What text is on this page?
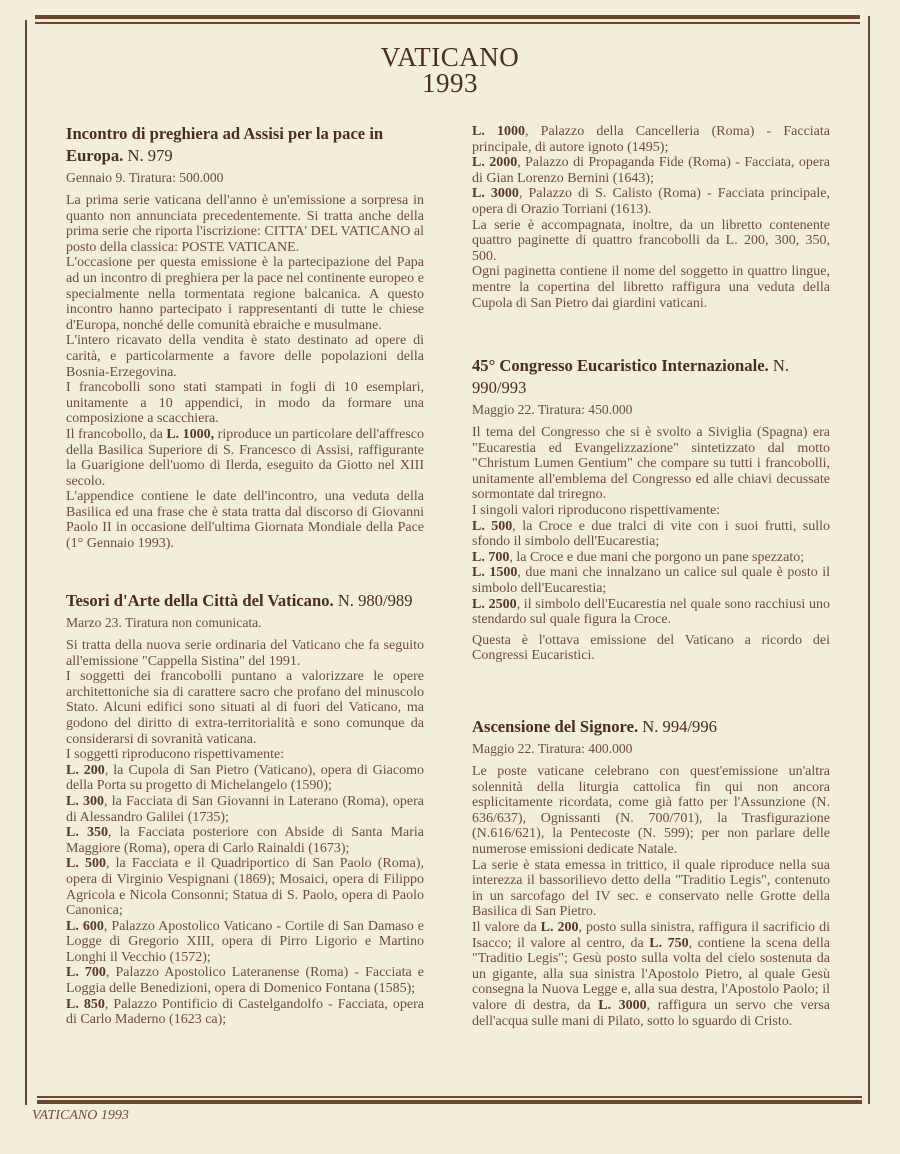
VATICANO
1993
Incontro di preghiera ad Assisi per la pace in Europa. N. 979
Gennaio 9. Tiratura: 500.000

La prima serie vaticana dell'anno è un'emissione a sorpresa in quanto non annunciata precedentemente. Si tratta anche della prima serie che riporta l'iscrizione: CITTA' DEL VATICANO al posto della classica: POSTE VATICANE.

L'occasione per questa emissione è la partecipazione del Papa ad un incontro di preghiera per la pace nel continente europeo e specialmente nella tormentata regione balcanica. A questo incontro hanno partecipato i rappresentanti di tutte le chiese d'Europa, nonché delle comunità ebraiche e musulmane.

L'intero ricavato della vendita è stato destinato ad opere di carità, e particolarmente a favore delle popolazioni della Bosnia-Erzegovina.

I francobolli sono stati stampati in fogli di 10 esemplari, unitamente a 10 appendici, in modo da formare una composizione a scacchiera.

Il francobollo, da L. 1000, riproduce un particolare dell'affresco della Basilica Superiore di S. Francesco di Assisi, raffigurante la Guarigione dell'uomo di Ilerda, eseguito da Giotto nel XIII secolo.

L'appendice contiene le date dell'incontro, una veduta della Basilica ed una frase che è stata tratta dal discorso di Giovanni Paolo II in occasione dell'ultima Giornata Mondiale della Pace (1° Gennaio 1993).

Tesori d'Arte della Città del Vaticano. N. 980/989
Marzo 23. Tiratura non comunicata.

Si tratta della nuova serie ordinaria del Vaticano che fa seguito all'emissione "Cappella Sistina" del 1991.

I soggetti dei francobolli puntano a valorizzare le opere architettoniche sia di carattere sacro che profano del minuscolo Stato. Alcuni edifici sono situati al di fuori del Vaticano, ma godono del diritto di extra-territorialità e sono comunque da considerarsi di sovranità vaticana.

I soggetti riproducono rispettivamente:

L. 200, la Cupola di San Pietro (Vaticano), opera di Giacomo della Porta su progetto di Michelangelo (1590);

L. 300, la Facciata di San Giovanni in Laterano (Roma), opera di Alessandro Galilei (1735);

L. 350, la Facciata posteriore con Abside di Santa Maria Maggiore (Roma), opera di Carlo Rainaldi (1673);

L. 500, la Facciata e il Quadriportico di San Paolo (Roma), opera di Virginio Vespignani (1869); Mosaici, opera di Filippo Agricola e Nicola Consonni; Statua di S. Paolo, opera di Paolo Canonica;

L. 600, Palazzo Apostolico Vaticano - Cortile di San Damaso e Logge di Gregorio XIII, opera di Pirro Ligorio e Martino Longhi il Vecchio (1572);

L. 700, Palazzo Apostolico Lateranense (Roma) - Facciata e Loggia delle Benedizioni, opera di Domenico Fontana (1585);

L. 850, Palazzo Pontificio di Castelgandolfo - Facciata, opera di Carlo Maderno (1623 ca);

L. 1000, Palazzo della Cancelleria (Roma) - Facciata principale, di autore ignoto (1495);

L. 2000, Palazzo di Propaganda Fide (Roma) - Facciata, opera di Gian Lorenzo Bernini (1643);

L. 3000, Palazzo di S. Calisto (Roma) - Facciata principale, opera di Orazio Torriani (1613).

La serie è accompagnata, inoltre, da un libretto contenente quattro paginette di quattro francobolli da L. 200, 300, 350, 500.

Ogni paginetta contiene il nome del soggetto in quattro lingue, mentre la copertina del libretto raffigura una veduta della Cupola di San Pietro dai giardini vaticani.

45° Congresso Eucaristico Internazionale. N. 990/993
Maggio 22. Tiratura: 450.000

Il tema del Congresso che si è svolto a Siviglia (Spagna) era "Eucarestia ed Evangelizzazione" sintetizzato dal motto "Christum Lumen Gentium" che compare su tutti i francobolli, unitamente all'emblema del Congresso ed alle chiavi decussate sormontate dal triregno.

I singoli valori riproducono rispettivamente:

L. 500, la Croce e due tralci di vite con i suoi frutti, sullo sfondo il simbolo dell'Eucarestia;

L. 700, la Croce e due mani che porgono un pane spezzato;

L. 1500, due mani che innalzano un calice sul quale è posto il simbolo dell'Eucarestia;

L. 2500, il simbolo dell'Eucarestia nel quale sono racchiusi uno stendardo sul quale figura la Croce.

Questa è l'ottava emissione del Vaticano a ricordo dei Congressi Eucaristici.

Ascensione del Signore. N. 994/996
Maggio 22. Tiratura: 400.000

Le poste vaticane celebrano con quest'emissione un'altra solennità della liturgia cattolica fin qui non ancora esplicitamente ricordata, come già fatto per l'Assunzione (N. 636/637), Ognissanti (N. 700/701), la Trasfigurazione (N.616/621), la Pentecoste (N. 599); per non parlare delle numerose emissioni dedicate Natale.

La serie è stata emessa in trittico, il quale riproduce nella sua interezza il bassorilievo detto della "Traditio Legis", contenuto in un sarcofago del IV sec. e conservato nelle Grotte della Basilica di San Pietro.

Il valore da L. 200, posto sulla sinistra, raffigura il sacrificio di Isacco; il valore al centro, da L. 750, contiene la scena della "Traditio Legis"; Gesù posto sulla volta del cielo sostenuta da un gigante, alla sua sinistra l'Apostolo Pietro, al quale Gesù consegna la Nuova Legge e, alla sua destra, l'Apostolo Paolo; il valore di destra, da L. 3000, raffigura un servo che versa dell'acqua sulle mani di Pilato, sotto lo sguardo di Cristo.

VATICANO 1993
